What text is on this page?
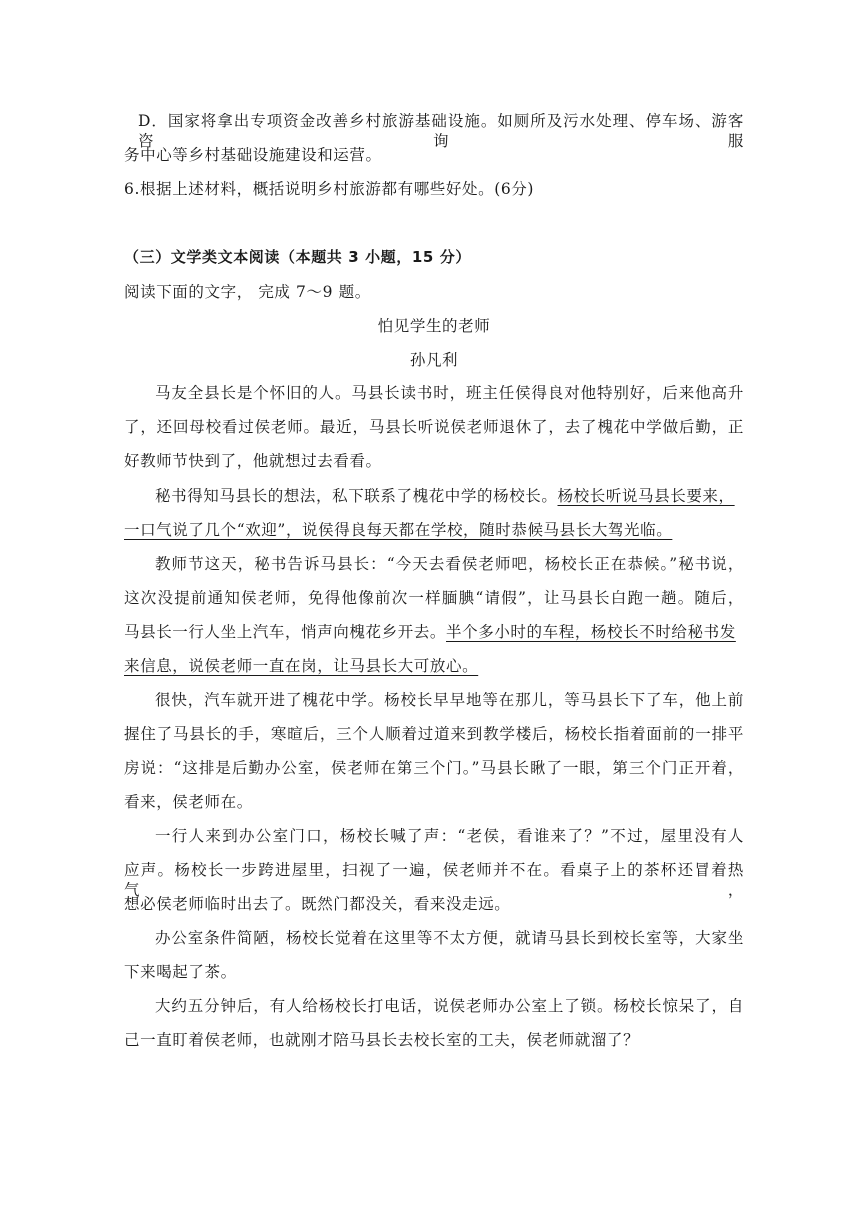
D．国家将拿出专项资金改善乡村旅游基础设施。如厕所及污水处理、停车场、游客咨询服
务中心等乡村基础设施建设和运营。
6.根据上述材料，概括说明乡村旅游都有哪些好处。(6分)
（三）文学类文本阅读（本题共 3 小题，15 分）
阅读下面的文字， 完成 7～9 题。
怕见学生的老师
孙凡利
马友全县长是个怀旧的人。马县长读书时，班主任侯得良对他特别好，后来他高升
了，还回母校看过侯老师。最近，马县长听说侯老师退休了，去了槐花中学做后勤，正
好教师节快到了，他就想过去看看。
秘书得知马县长的想法，私下联系了槐花中学的杨校长。杨校长听说马县长要来，
一口气说了几个“欢迎”，说侯得良每天都在学校，随时恭候马县长大驾光临。
教师节这天，秘书告诉马县长：“今天去看侯老师吧，杨校长正在恭候。”秘书说，
这次没提前通知侯老师，免得他像前次一样腼腆“请假”，让马县长白跑一趟。随后，
马县长一行人坐上汽车，悄声向槐花乡开去。半个多小时的车程，杨校长不时给秘书发
来信息，说侯老师一直在岗，让马县长大可放心。
很快，汽车就开进了槐花中学。杨校长早早地等在那儿，等马县长下了车，他上前
握住了马县长的手，寒暄后，三个人顺着过道来到教学楼后，杨校长指着面前的一排平
房说：“这排是后勤办公室，侯老师在第三个门。”马县长瞅了一眼，第三个门正开着，
看来，侯老师在。
一行人来到办公室门口，杨校长喊了声：“老侯，看谁来了？”不过，屋里没有人
应声。杨校长一步跨进屋里，扫视了一遍，侯老师并不在。看桌子上的茶杯还冒着热气，
想必侯老师临时出去了。既然门都没关，看来没走远。
办公室条件简陋，杨校长觉着在这里等不太方便，就请马县长到校长室等，大家坐
下来喝起了茶。
大约五分钟后，有人给杨校长打电话，说侯老师办公室上了锁。杨校长惊呆了，自
己一直盯着侯老师，也就刚才陪马县长去校长室的工夫，侯老师就溜了？
